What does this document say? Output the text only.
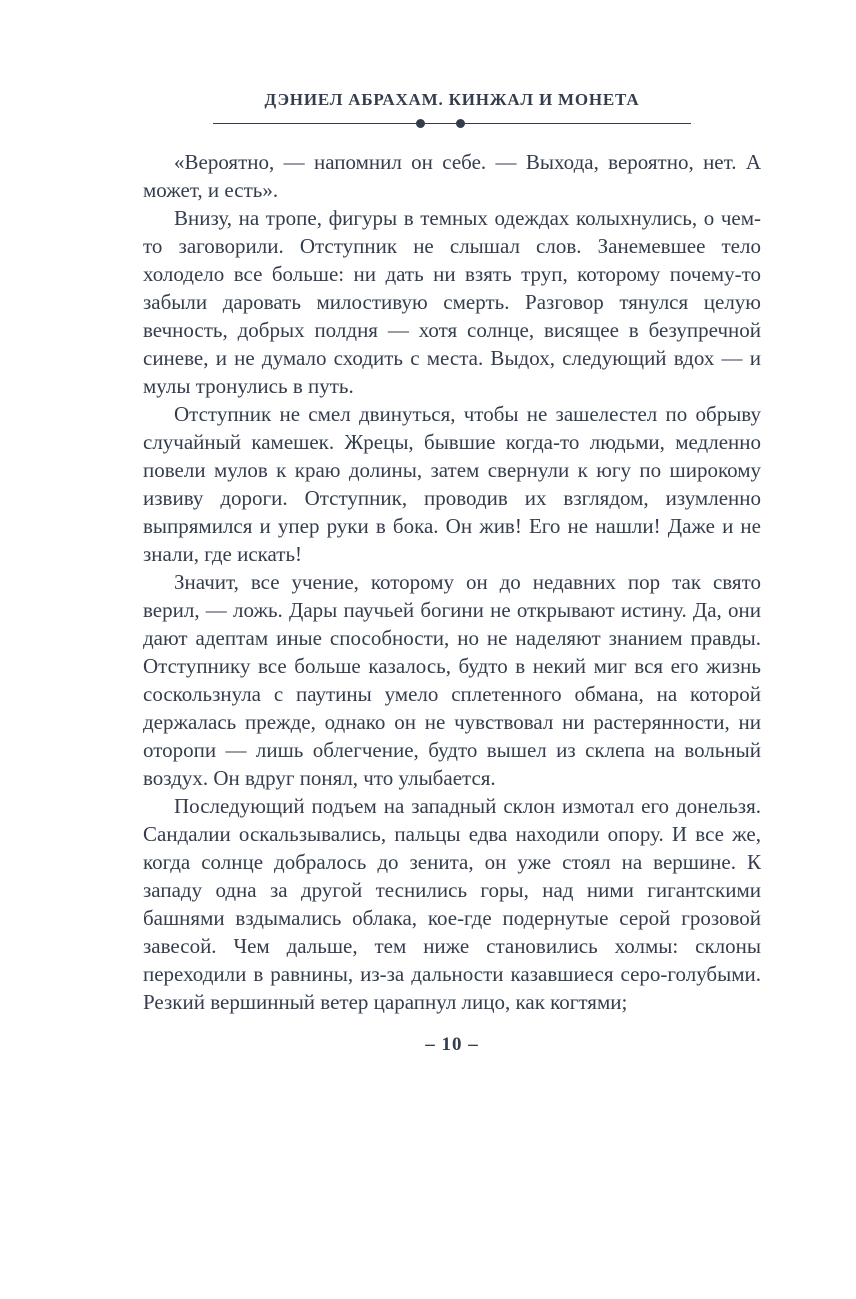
ДЭНИЕЛ АБРАХАМ. КИНЖАЛ И МОНЕТА

«Вероятно, — напомнил он себе. — Выхода, вероятно, нет. А может, и есть».

Внизу, на тропе, фигуры в темных одеждах колыхнулись, о чем-то заговорили. Отступник не слышал слов. Занемевшее тело холодело все больше: ни дать ни взять труп, которому почему-то забыли даровать милостивую смерть. Разговор тянулся целую вечность, добрых полдня — хотя солнце, висящее в безупречной синеве, и не думало сходить с места. Выдох, следующий вдох — и мулы тронулись в путь.

Отступник не смел двинуться, чтобы не зашелестел по обрыву случайный камешек. Жрецы, бывшие когда-то людьми, медленно повели мулов к краю долины, затем свернули к югу по широкому извиву дороги. Отступник, проводив их взглядом, изумленно выпрямился и упер руки в бока. Он жив! Его не нашли! Даже и не знали, где искать!

Значит, все учение, которому он до недавних пор так свято верил, — ложь. Дары паучьей богини не открывают истину. Да, они дают адептам иные способности, но не наделяют знанием правды. Отступнику все больше казалось, будто в некий миг вся его жизнь соскользнула с паутины умело сплетенного обмана, на которой держалась прежде, однако он не чувствовал ни растерянности, ни оторопи — лишь облегчение, будто вышел из склепа на вольный воздух. Он вдруг понял, что улыбается.

Последующий подъем на западный склон измотал его донельзя. Сандалии оскальзывались, пальцы едва находили опору. И все же, когда солнце добралось до зенита, он уже стоял на вершине. К западу одна за другой теснились горы, над ними гигантскими башнями вздымались облака, кое-где подернутые серой грозовой завесой. Чем дальше, тем ниже становились холмы: склоны переходили в равнины, из-за дальности казавшиеся серо-голубыми. Резкий вершинный ветер царапнул лицо, как когтями;

– 10 –
